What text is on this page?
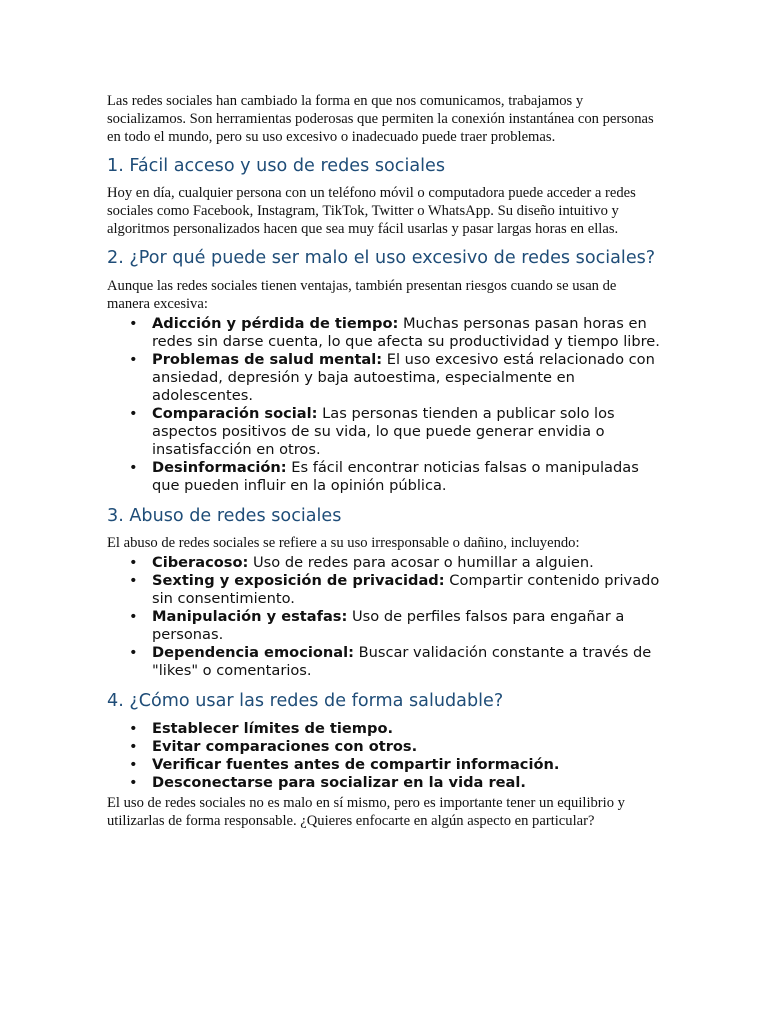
Las redes sociales han cambiado la forma en que nos comunicamos, trabajamos y socializamos. Son herramientas poderosas que permiten la conexión instantánea con personas en todo el mundo, pero su uso excesivo o inadecuado puede traer problemas.

1. Fácil acceso y uso de redes sociales

Hoy en día, cualquier persona con un teléfono móvil o computadora puede acceder a redes sociales como Facebook, Instagram, TikTok, Twitter o WhatsApp. Su diseño intuitivo y algoritmos personalizados hacen que sea muy fácil usarlas y pasar largas horas en ellas.

2. ¿Por qué puede ser malo el uso excesivo de redes sociales?

Aunque las redes sociales tienen ventajas, también presentan riesgos cuando se usan de manera excesiva:

• Adicción y pérdida de tiempo: Muchas personas pasan horas en redes sin darse cuenta, lo que afecta su productividad y tiempo libre.
• Problemas de salud mental: El uso excesivo está relacionado con ansiedad, depresión y baja autoestima, especialmente en adolescentes.
• Comparación social: Las personas tienden a publicar solo los aspectos positivos de su vida, lo que puede generar envidia o insatisfacción en otros.
• Desinformación: Es fácil encontrar noticias falsas o manipuladas que pueden influir en la opinión pública.
3. Abuso de redes sociales

El abuso de redes sociales se refiere a su uso irresponsable o dañino, incluyendo:

• Ciberacoso: Uso de redes para acosar o humillar a alguien.
• Sexting y exposición de privacidad: Compartir contenido privado sin consentimiento.
• Manipulación y estafas: Uso de perfiles falsos para engañar a personas.
• Dependencia emocional: Buscar validación constante a través de "likes" o comentarios.
4. ¿Cómo usar las redes de forma saludable?
• Establecer límites de tiempo.
• Evitar comparaciones con otros.
• Verificar fuentes antes de compartir información.
• Desconectarse para socializar en la vida real.

El uso de redes sociales no es malo en sí mismo, pero es importante tener un equilibrio y utilizarlas de forma responsable. ¿Quieres enfocarte en algún aspecto en particular?
